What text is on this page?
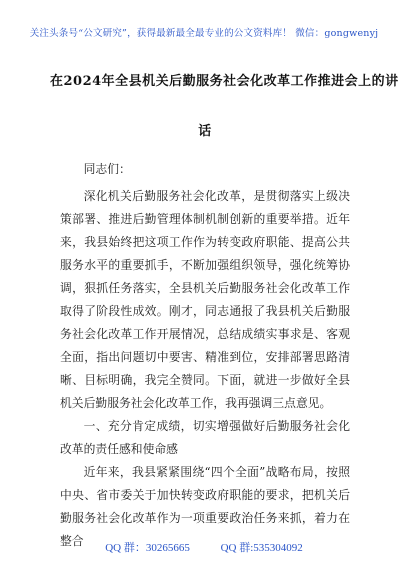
关注头条号“公文研究”，获得最新最全最专业的公文资料库！ 微信：gongwenyj
在2024年全县机关后勤服务社会化改革工作推进会上的讲
话

同志们：

深化机关后勤服务社会化改革，是贯彻落实上级决策部署、推进后勤管理体制机制创新的重要举措。近年来，我县始终把这项工作作为转变政府职能、提高公共服务水平的重要抓手，不断加强组织领导，强化统筹协调，狠抓任务落实，全县机关后勤服务社会化改革工作取得了阶段性成效。刚才，同志通报了我县机关后勤服务社会化改革工作开展情况，总结成绩实事求是、客观全面，指出问题切中要害、精准到位，安排部署思路清晰、目标明确，我完全赞同。下面，就进一步做好全县机关后勤服务社会化改革工作，我再强调三点意见。

一、充分肯定成绩，切实增强做好后勤服务社会化改革的责任感和使命感

近年来，我县紧紧围绕“四个全面”战略布局，按照中央、省市委关于加快转变政府职能的要求，把机关后勤服务社会化改革作为一项重要政治任务来抓，着力在整合	QQ 群：30265665	QQ 群:535304092
